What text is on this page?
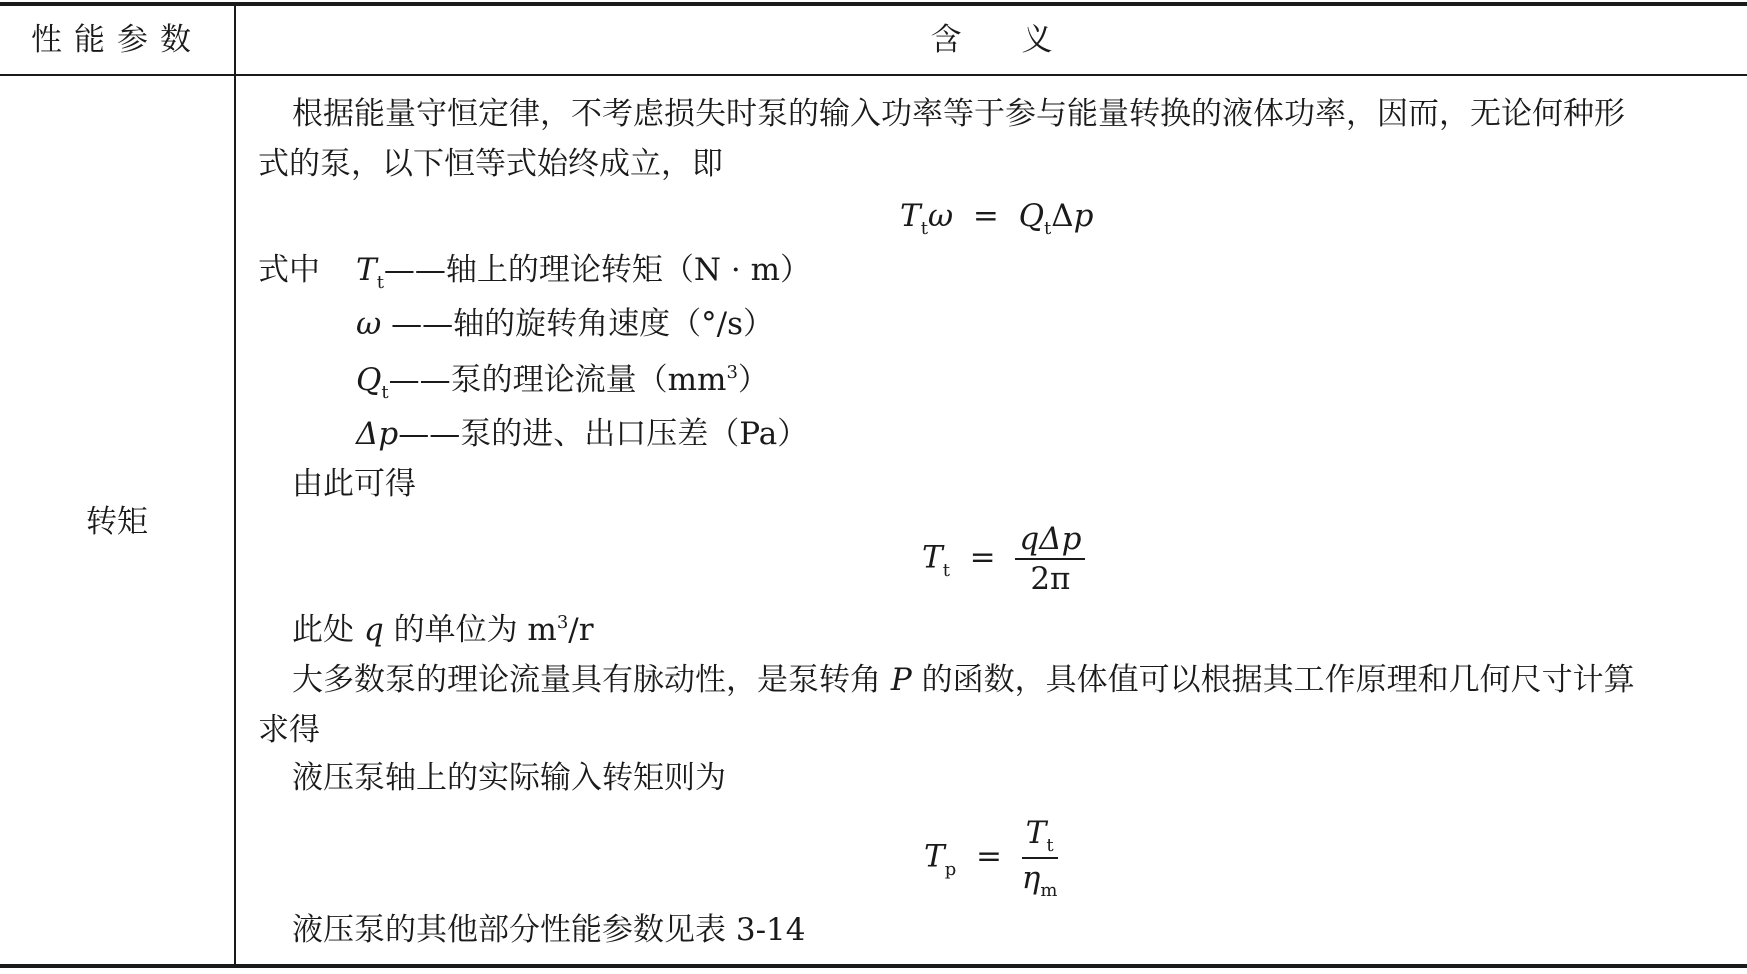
性能参数	含义
转矩
根据能量守恒定律，不考虑损失时泵的输入功率等于参与能量转换的液体功率，因而，无论何种形
式的泵，以下恒等式始终成立，即
$T_t\omega = Q_t\Delta p$
式中 $T_t——$轴上的理论转矩（N · m）
ω ——轴的旋转角速度（°/s）
$Q_t——$泵的理论流量$(mm^3)$
Δp——泵的进、出口压差（Pa）
由此可得
$T_t = \frac{\text{qΔp}}{2\pi}$
此处 q 的单位为 $m^3/r$
大多数泵的理论流量具有脉动性，是泵转角 P 的函数，具体值可以根据其工作原理和几何尺寸计算
求得
液压泵轴上的实际输入转矩则为
$T_p = \frac{T_t}{\eta_m}$
液压泵的其他部分性能参数见表 3-14
